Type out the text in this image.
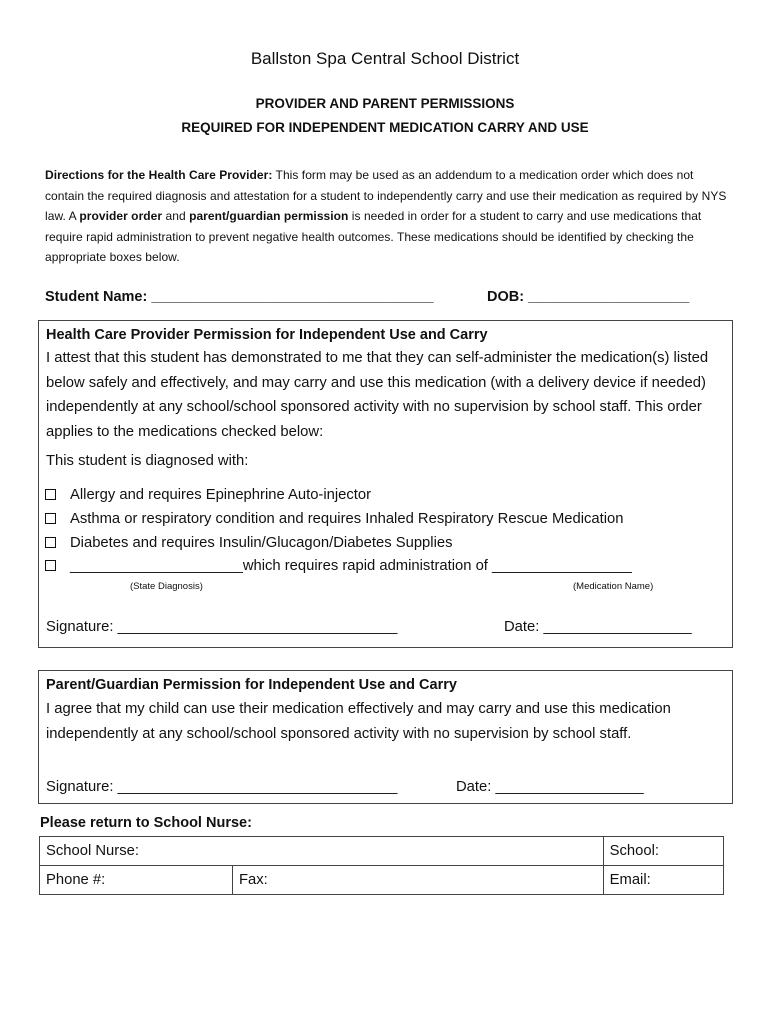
Ballston Spa Central School District
PROVIDER AND PARENT PERMISSIONS
REQUIRED FOR INDEPENDENT MEDICATION CARRY AND USE
Directions for the Health Care Provider: This form may be used as an addendum to a medication order which does not contain the required diagnosis and attestation for a student to independently carry and use their medication as required by NYS law. A provider order and parent/guardian permission is needed in order for a student to carry and use medications that require rapid administration to prevent negative health outcomes. These medications should be identified by checking the appropriate boxes below.
Student Name: ___________________________________	DOB: ____________________
Health Care Provider Permission for Independent Use and Carry
I attest that this student has demonstrated to me that they can self-administer the medication(s) listed below safely and effectively, and may carry and use this medication (with a delivery device if needed) independently at any school/school sponsored activity with no supervision by school staff. This order applies to the medications checked below:
This student is diagnosed with:
Allergy and requires Epinephrine Auto-injector
Asthma or respiratory condition and requires Inhaled Respiratory Rescue Medication
Diabetes and requires Insulin/Glucagon/Diabetes Supplies
_____________________which requires rapid administration of _________________
(State Diagnosis)	(Medication Name)
Signature: __________________________________	Date: __________________
Parent/Guardian Permission for Independent Use and Carry
I agree that my child can use their medication effectively and may carry and use this medication independently at any school/school sponsored activity with no supervision by school staff.
Signature: __________________________________	Date: __________________
Please return to School Nurse:
School Nurse:		School:
Phone #:	Fax:	Email:
